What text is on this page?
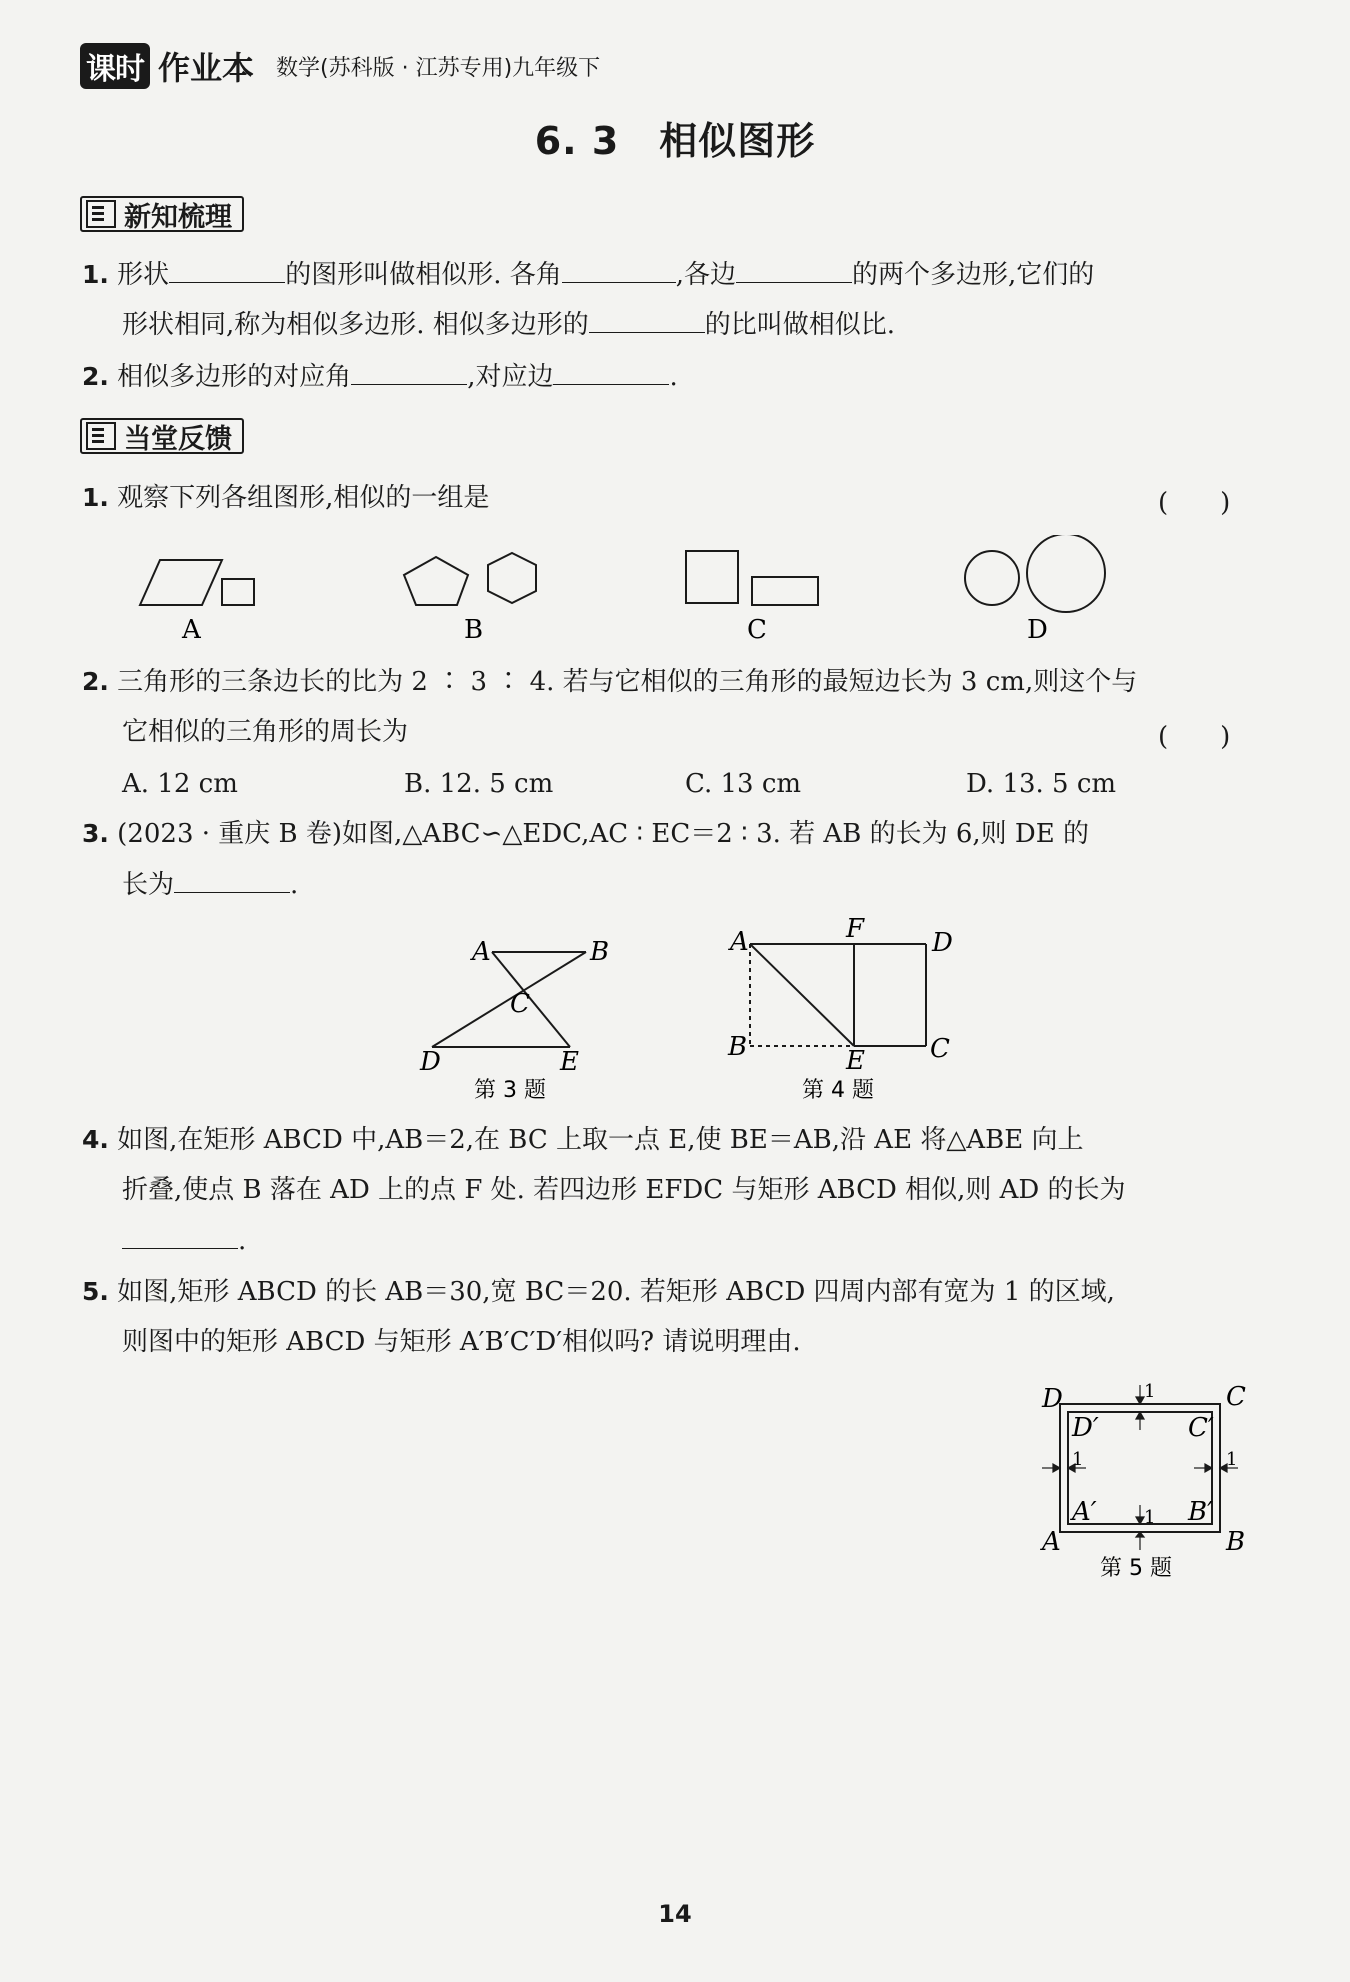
课时 作业本 数学(苏科版 · 江苏专用)九年级下
6. 3 相似图形
新知梳理
1. 形状	的图形叫做相似形. 各角	,各边	的两个多边形,它们的
形状相同,称为相似多边形. 相似多边形的	的比叫做相似比.
2. 相似多边形的对应角	,对应边	.
当堂反馈
1. 观察下列各组图形,相似的一组是	(　　)
A	B	C	D
2. 三角形的三条边长的比为 2 ∶ 3 ∶ 4. 若与它相似的三角形的最短边长为 3 cm,则这个与
它相似的三角形的周长为	(　　)
A. 12 cm	B. 12. 5 cm	C. 13 cm	D. 13. 5 cm
3. (2023 · 重庆 B 卷)如图,△ABC∽△EDC,AC ∶ EC＝2 ∶ 3. 若 AB 的长为 6,则 DE 的
长为	.
A	B
C
D	E
第 3 题
A	F	D
B	E	C
第 4 题
4. 如图,在矩形 ABCD 中,AB＝2,在 BC 上取一点 E,使 BE＝AB,沿 AE 将△ABE 向上
折叠,使点 B 落在 AD 上的点 F 处. 若四边形 EFDC 与矩形 ABCD 相似,则 AD 的长为
.
5. 如图,矩形 ABCD 的长 AB＝30,宽 BC＝20. 若矩形 ABCD 四周内部有宽为 1 的区域,
则图中的矩形 ABCD 与矩形 A′B′C′D′相似吗? 请说明理由.
D	C
A	B
D′	C′
A′	B′
1
1
1	1
第 5 题
14
